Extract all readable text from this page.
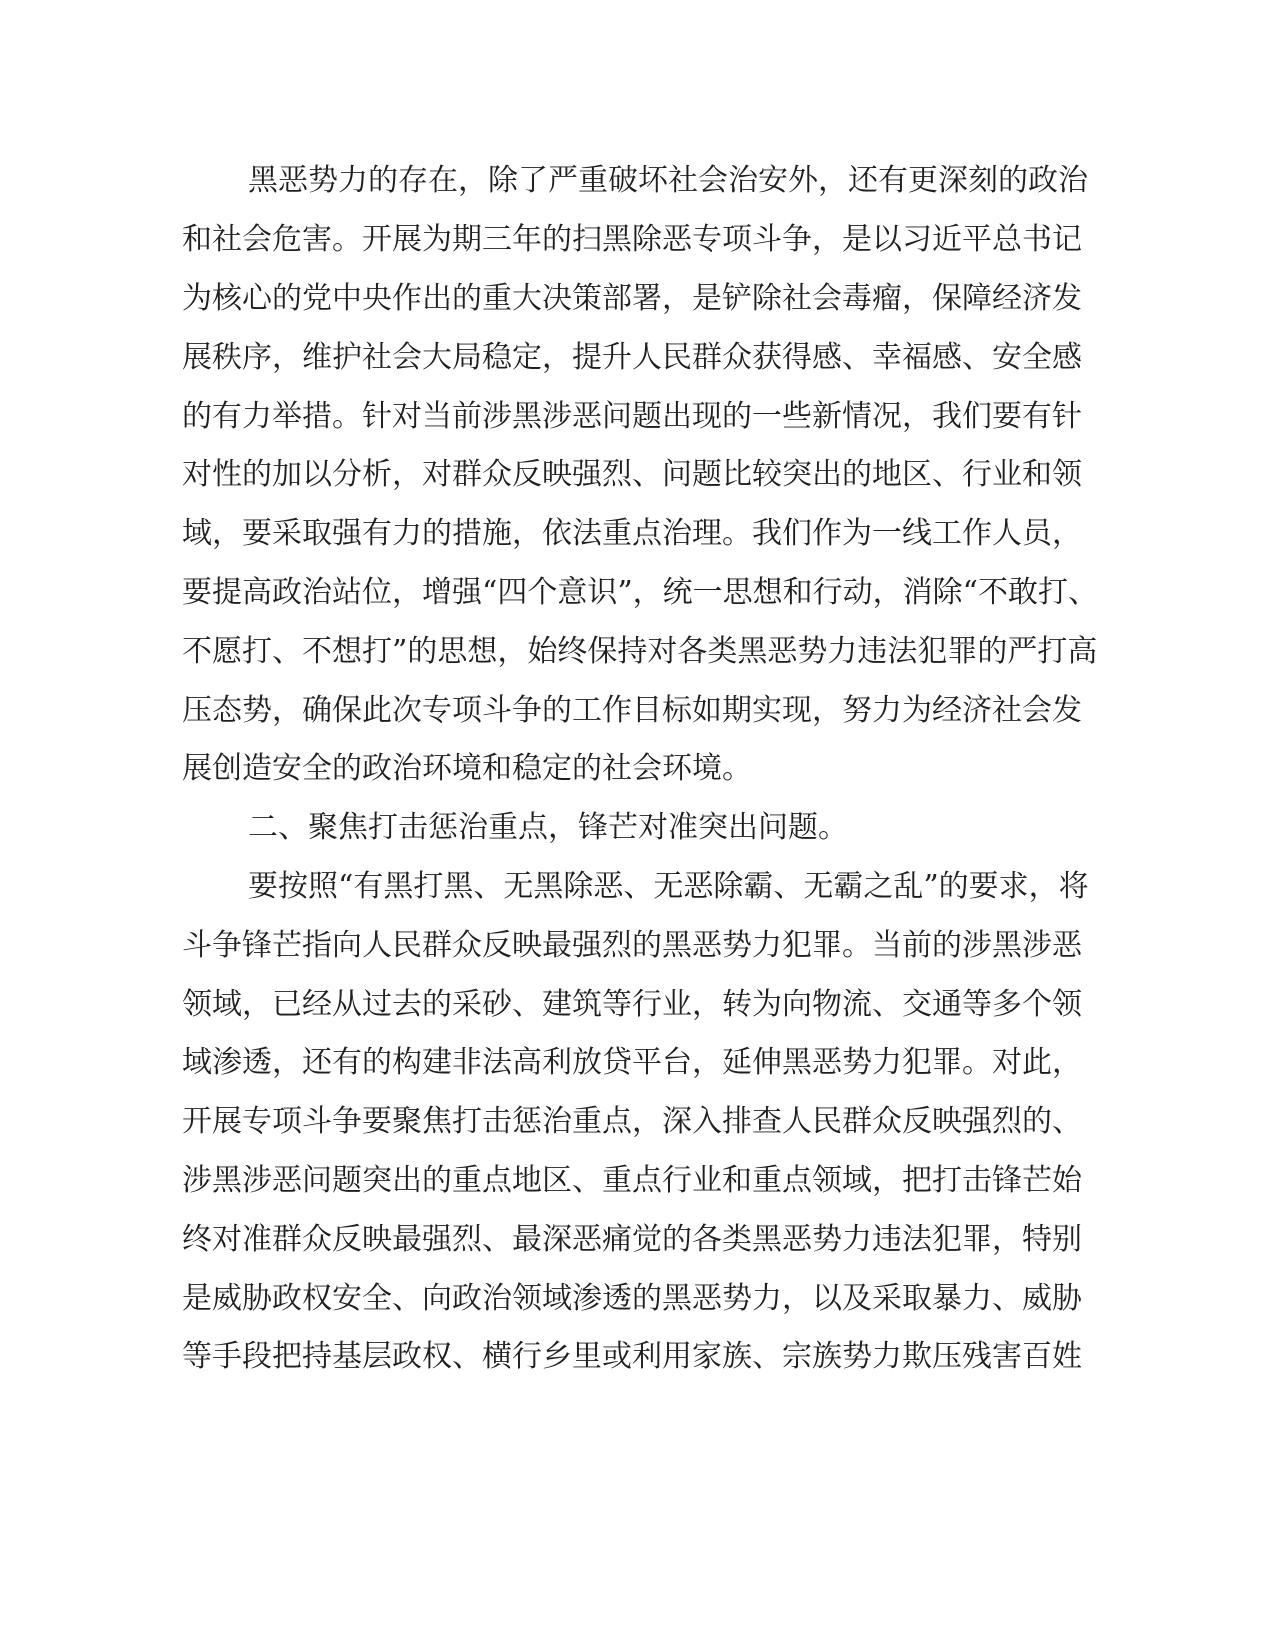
黑恶势力的存在，除了严重破坏社会治安外，还有更深刻的政治
和社会危害。开展为期三年的扫黑除恶专项斗争，是以习近平总书记
为核心的党中央作出的重大决策部署，是铲除社会毒瘤，保障经济发
展秩序，维护社会大局稳定，提升人民群众获得感、幸福感、安全感
的有力举措。针对当前涉黑涉恶问题出现的一些新情况，我们要有针
对性的加以分析，对群众反映强烈、问题比较突出的地区、行业和领
域，要采取强有力的措施，依法重点治理。我们作为一线工作人员，
要提高政治站位，增强“四个意识”，统一思想和行动，消除“不敢打、
不愿打、不想打”的思想，始终保持对各类黑恶势力违法犯罪的严打高
压态势，确保此次专项斗争的工作目标如期实现，努力为经济社会发
展创造安全的政治环境和稳定的社会环境。
二、聚焦打击惩治重点，锋芒对准突出问题。
要按照“有黑打黑、无黑除恶、无恶除霸、无霸之乱”的要求，将
斗争锋芒指向人民群众反映最强烈的黑恶势力犯罪。当前的涉黑涉恶
领域，已经从过去的采砂、建筑等行业，转为向物流、交通等多个领
域渗透，还有的构建非法高利放贷平台，延伸黑恶势力犯罪。对此，
开展专项斗争要聚焦打击惩治重点，深入排查人民群众反映强烈的、
涉黑涉恶问题突出的重点地区、重点行业和重点领域，把打击锋芒始
终对准群众反映最强烈、最深恶痛觉的各类黑恶势力违法犯罪，特别
是威胁政权安全、向政治领域渗透的黑恶势力，以及采取暴力、威胁
等手段把持基层政权、横行乡里或利用家族、宗族势力欺压残害百姓
